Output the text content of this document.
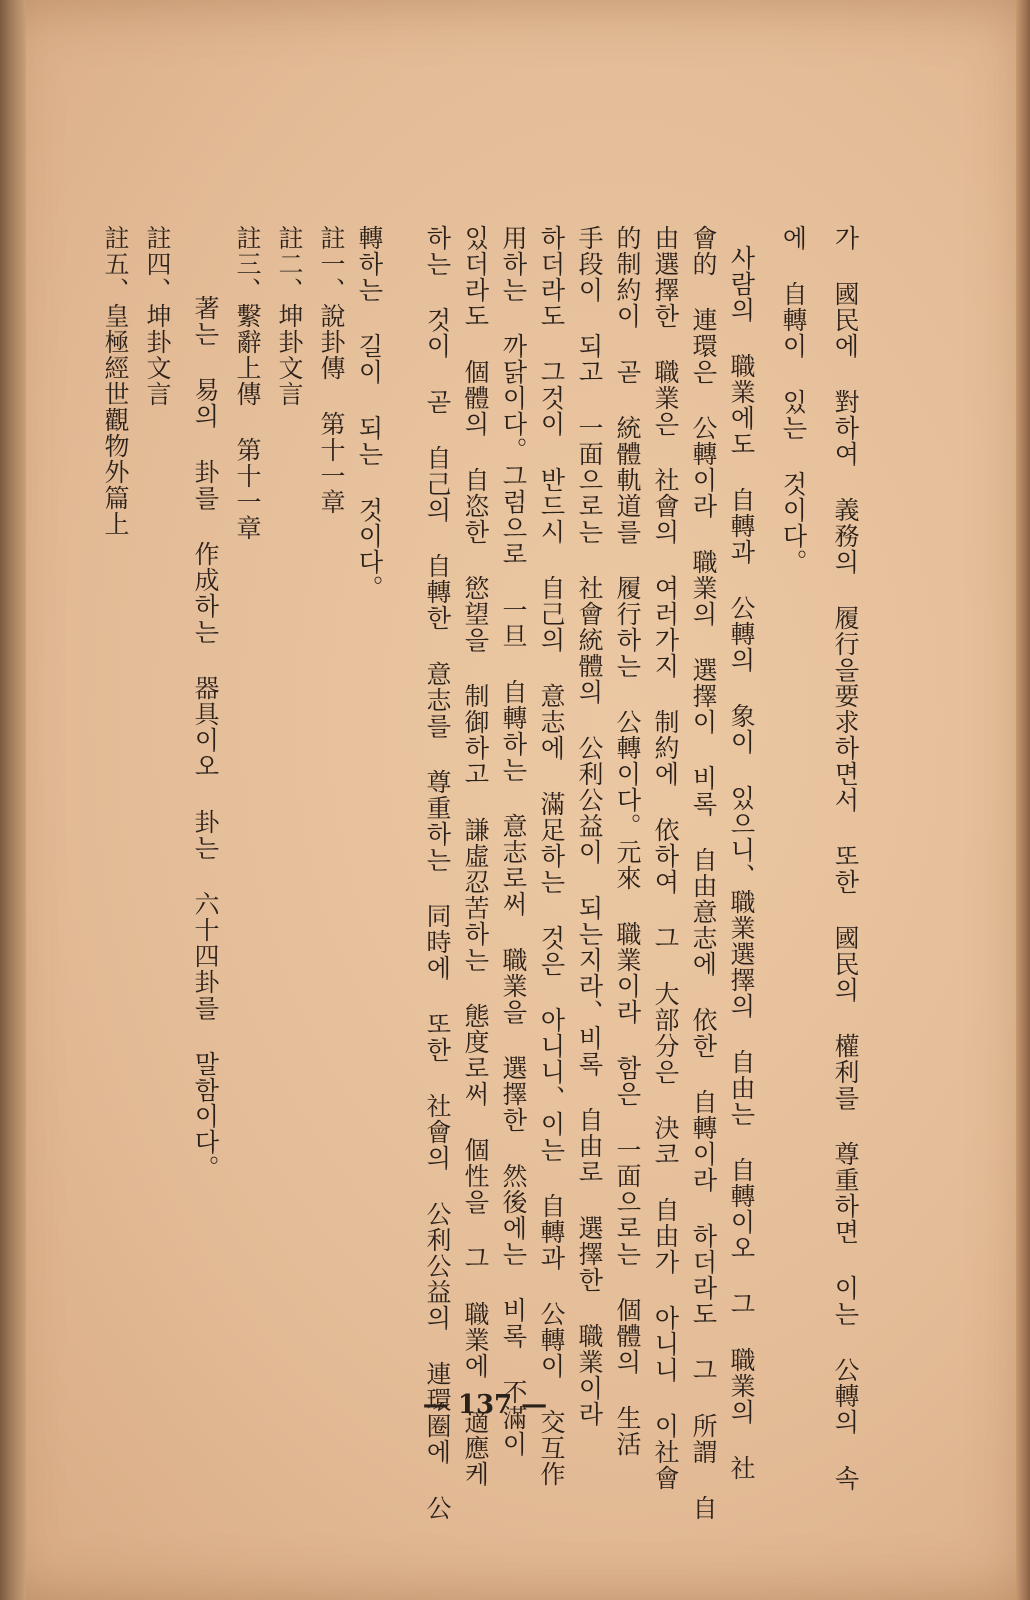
가 國民에 對하여 義務의 履行을要求하면서 또한 國民의 權利를 尊重하면 이는 公轉의 속
에 自轉이 있는 것이다。
사람의 職業에도 自轉과 公轉의 象이 있으니、職業選擇의 自由는 自轉이오 그 職業의 社
會的 連環은 公轉이라 職業의 選擇이 비록 自由意志에 依한 自轉이라 하더라도 그 所謂 自
由選擇한 職業은 社會의 여러가지 制約에 依하여 그 大部分은 決코 自由가 아니니 이社會
的制約이 곧 統體軌道를 履行하는 公轉이다。元來 職業이라 함은 一面으로는 個體의 生活
手段이 되고 一面으로는 社會統體의 公利公益이 되는지라、비록 自由로 選擇한 職業이라
하더라도 그것이 반드시 自己의 意志에 滿足하는 것은 아니니、이는 自轉과 公轉이 交互作
用하는 까닭이다。그럼으로 一旦 自轉하는 意志로써 職業을 選擇한 然後에는 비록 不滿이
있더라도 個體의 自恣한 慾望을 制御하고 謙虛忍苦하는 態度로써 個性을 그 職業에 適應케
하는 것이 곧 自己의 自轉한 意志를 尊重하는 同時에 또한 社會의 公利公益의 連環圈에 公
轉하는 길이 되는 것이다。
註一、說卦傳 第十一章
註二、坤卦文言
註三、繫辭上傳 第十一章
著는 易의 卦를 作成하는 器具이오 卦는 六十四卦를 말함이다。
註四、坤卦文言
註五、皇極經世觀物外篇上
— 137 —
